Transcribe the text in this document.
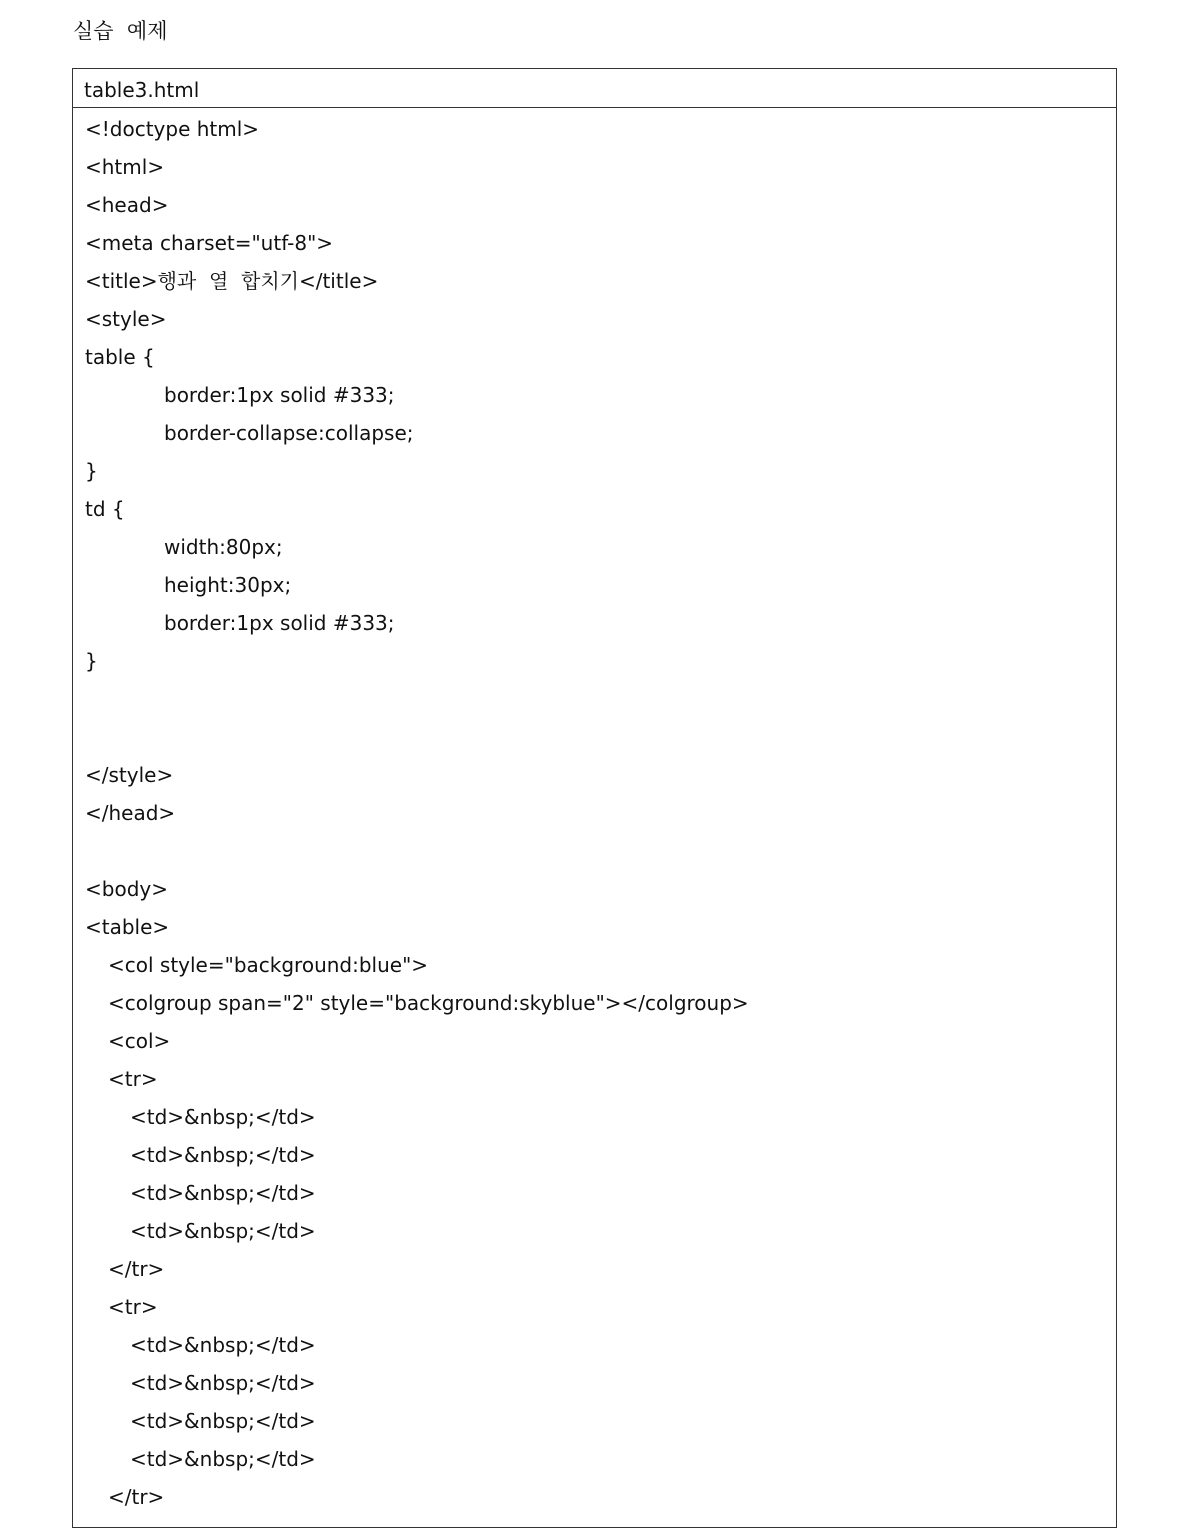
실습  예제
table3.html
<!doctype html>
<html>
<head>
<meta charset="utf-8">
<title>행과  열  합치기</title>
<style>
table {
border:1px solid #333;
border-collapse:collapse;
}
td {
width:80px;
height:30px;
border:1px solid #333;
}
</style>
</head>
<body>
<table>
<col style="background:blue">
<colgroup span="2" style="background:skyblue"></colgroup>
<col>
<tr>
<td>&nbsp;</td>
<td>&nbsp;</td>
<td>&nbsp;</td>
<td>&nbsp;</td>
</tr>
<tr>
<td>&nbsp;</td>
<td>&nbsp;</td>
<td>&nbsp;</td>
<td>&nbsp;</td>
</tr>
